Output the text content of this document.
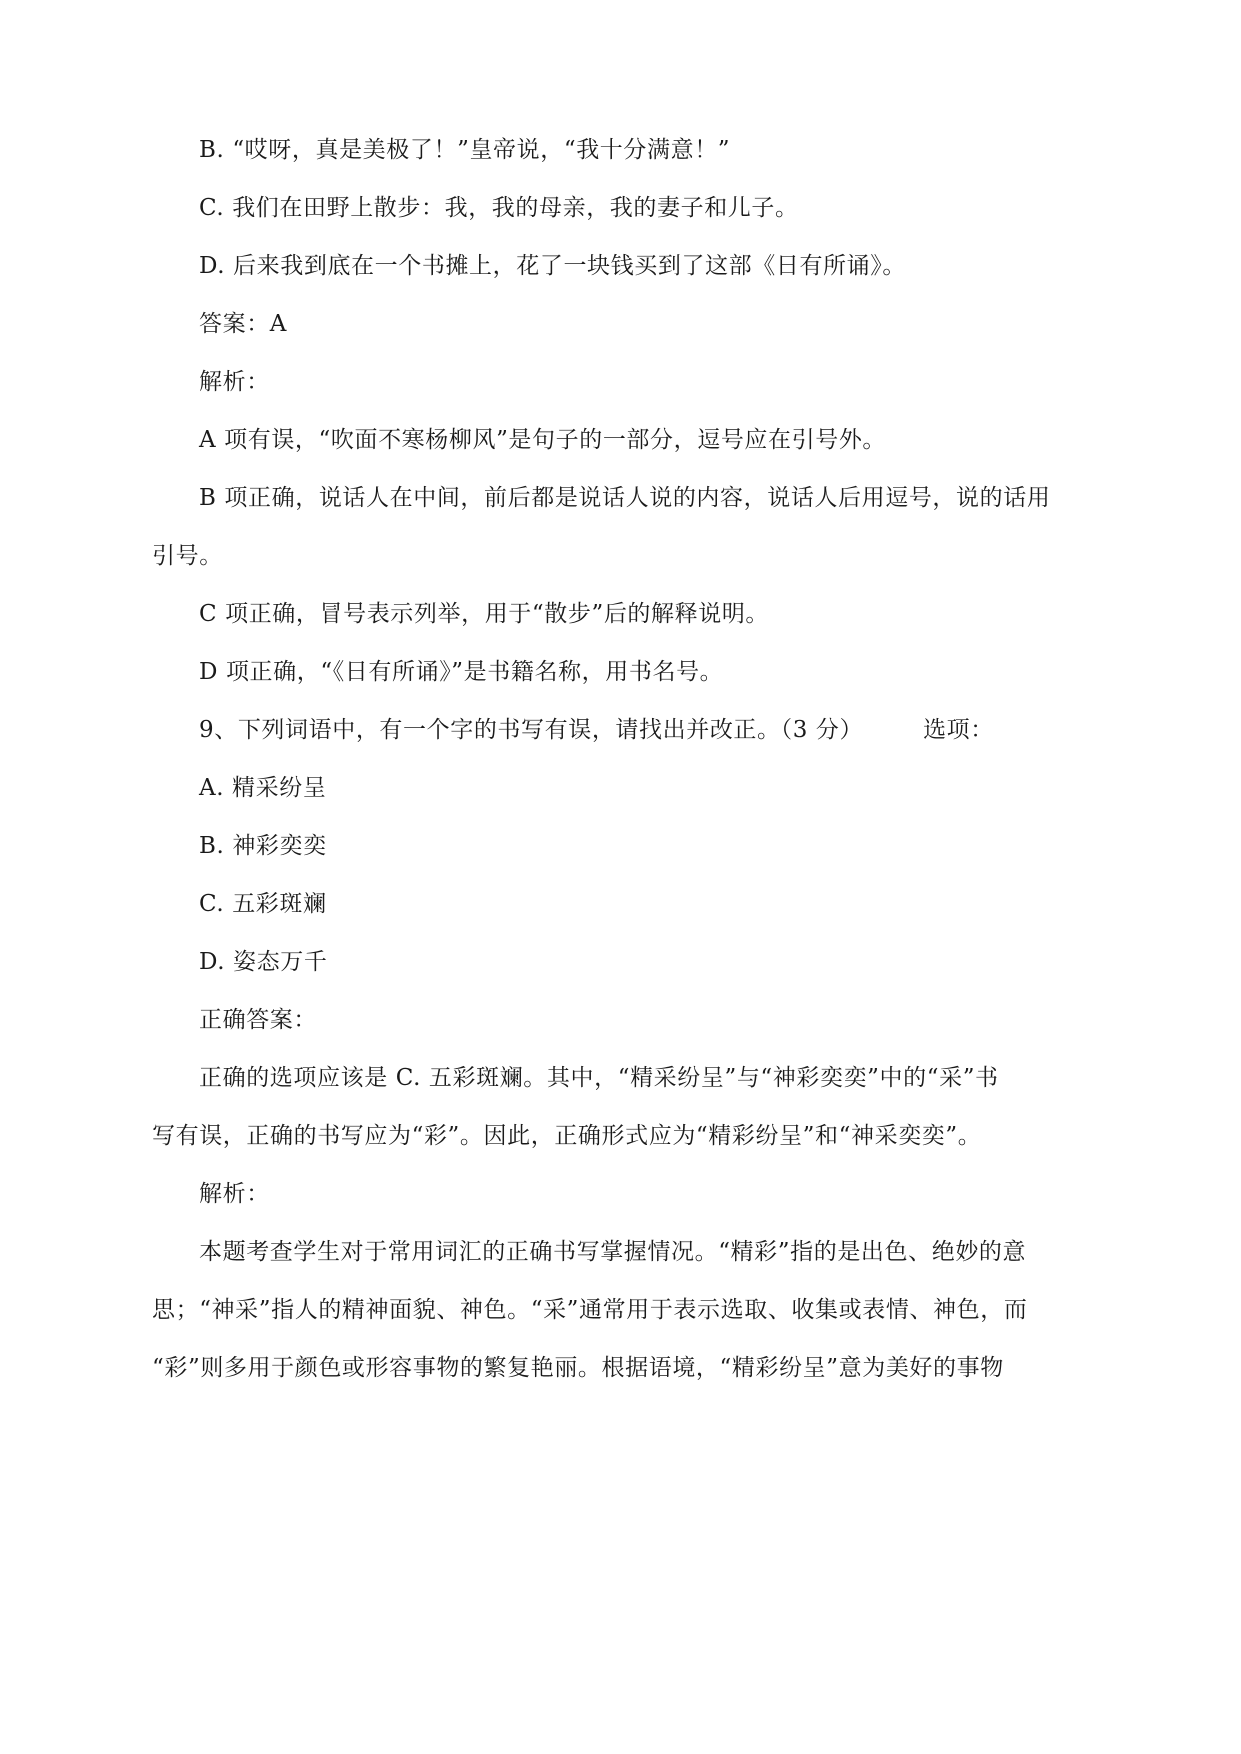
B. “哎呀，真是美极了！”皇帝说，“我十分满意！”
C. 我们在田野上散步：我，我的母亲，我的妻子和儿子。
D. 后来我到底在一个书摊上，花了一块钱买到了这部《日有所诵》。
答案：A
解析：
A 项有误，“吹面不寒杨柳风”是句子的一部分，逗号应在引号外。
B 项正确，说话人在中间，前后都是说话人说的内容，说话人后用逗号，说的话用
引号。
C 项正确，冒号表示列举，用于“散步”后的解释说明。
D 项正确，“《日有所诵》”是书籍名称，用书名号。
9、下列词语中，有一个字的书写有误，请找出并改正。（3 分）	选项：
A. 精采纷呈
B. 神彩奕奕
C. 五彩斑斓
D. 姿态万千
正确答案：
正确的选项应该是 C. 五彩斑斓。其中，“精采纷呈”与“神彩奕奕”中的“采”书
写有误，正确的书写应为“彩”。因此，正确形式应为“精彩纷呈”和“神采奕奕”。
解析：
本题考查学生对于常用词汇的正确书写掌握情况。“精彩”指的是出色、绝妙的意
思；“神采”指人的精神面貌、神色。“采”通常用于表示选取、收集或表情、神色，而
“彩”则多用于颜色或形容事物的繁复艳丽。根据语境，“精彩纷呈”意为美好的事物
